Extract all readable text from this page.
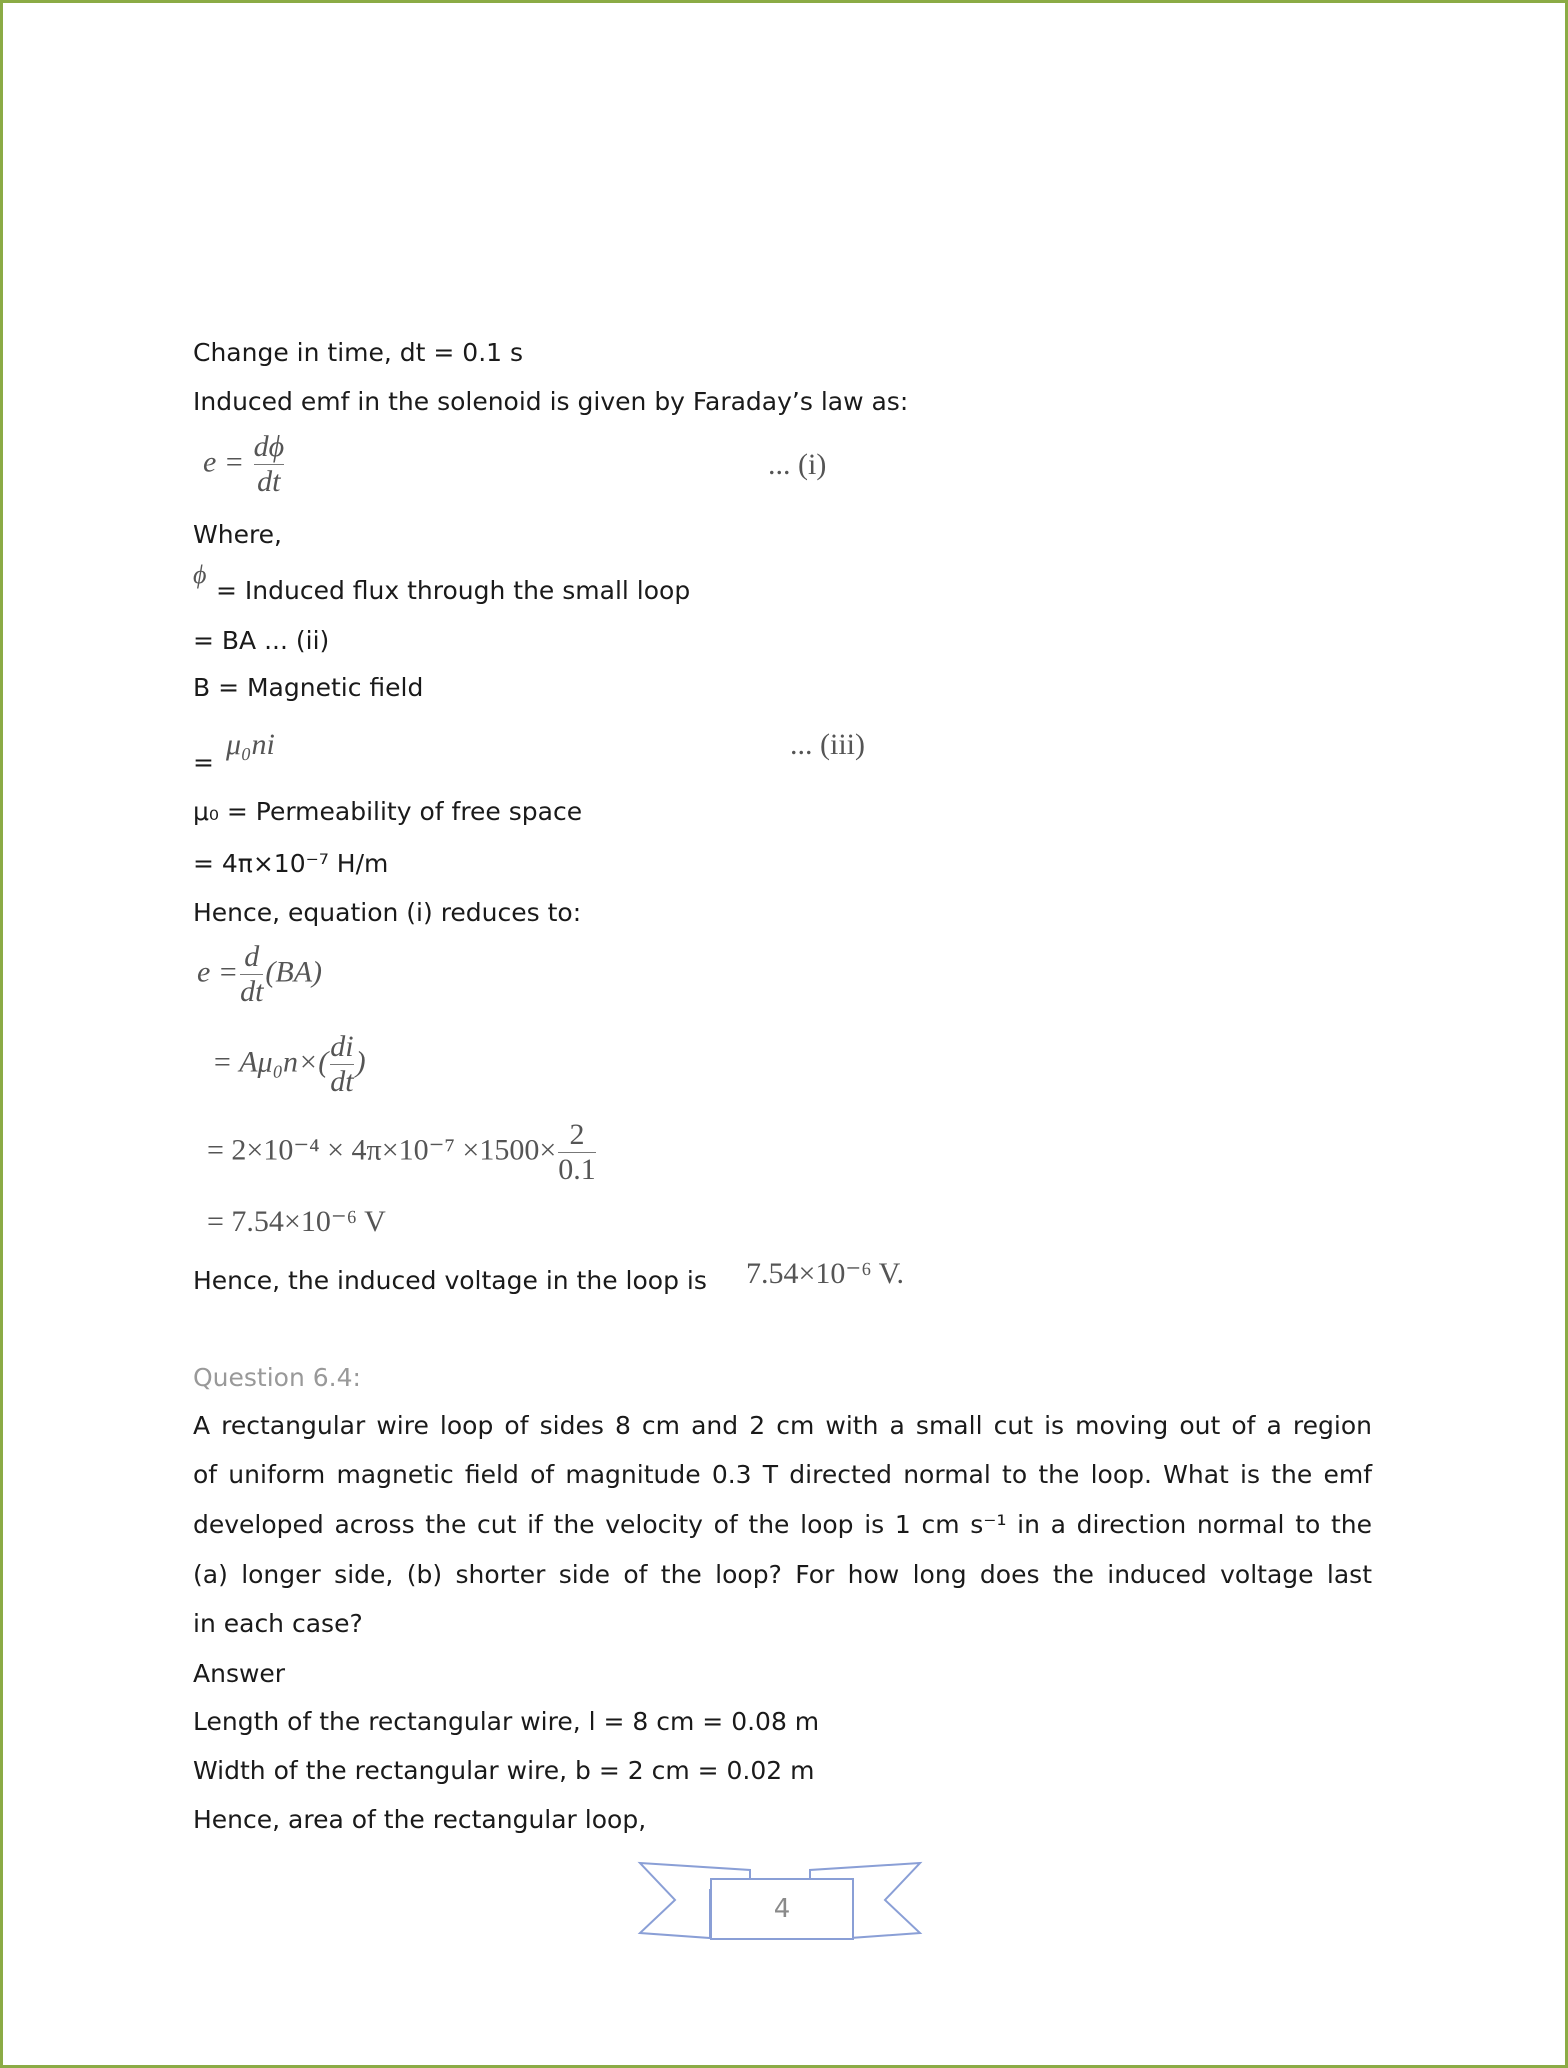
Change in time, dt = 0.1 s
Induced emf in the solenoid is given by Faraday’s law as:
$e = \frac{d\phi}{dt}$	... (i)
Where,
ϕ
= Induced flux through the small loop
= BA ... (ii)
B = Magnetic field
=
μ₀ni	... (iii)
μ₀ = Permeability of free space
= 4π×10⁻⁷ H/m
Hence, equation (i) reduces to:
$e = \frac{d}{dt} (BA)$
= $A\mu_0n\times( \frac{di}{dt}$ )
= $2\times 10^{-4} \times 4\pi\times 10^{-7} \times 1500\times \frac{2}{0.1}$
= 7.54×10⁻⁶ V
Hence, the induced voltage in the loop is 7.54×10⁻⁶ V.
Question 6.4:
A rectangular wire loop of sides 8 cm and 2 cm with a small cut is moving out of a region
of uniform magnetic field of magnitude 0.3 T directed normal to the loop. What is the emf
developed across the cut if the velocity of the loop is 1 cm s⁻¹ in a direction normal to the
(a) longer side, (b) shorter side of the loop? For how long does the induced voltage last
in each case?
Answer
Length of the rectangular wire, l = 8 cm = 0.08 m
Width of the rectangular wire, b = 2 cm = 0.02 m
Hence, area of the rectangular loop,
4
